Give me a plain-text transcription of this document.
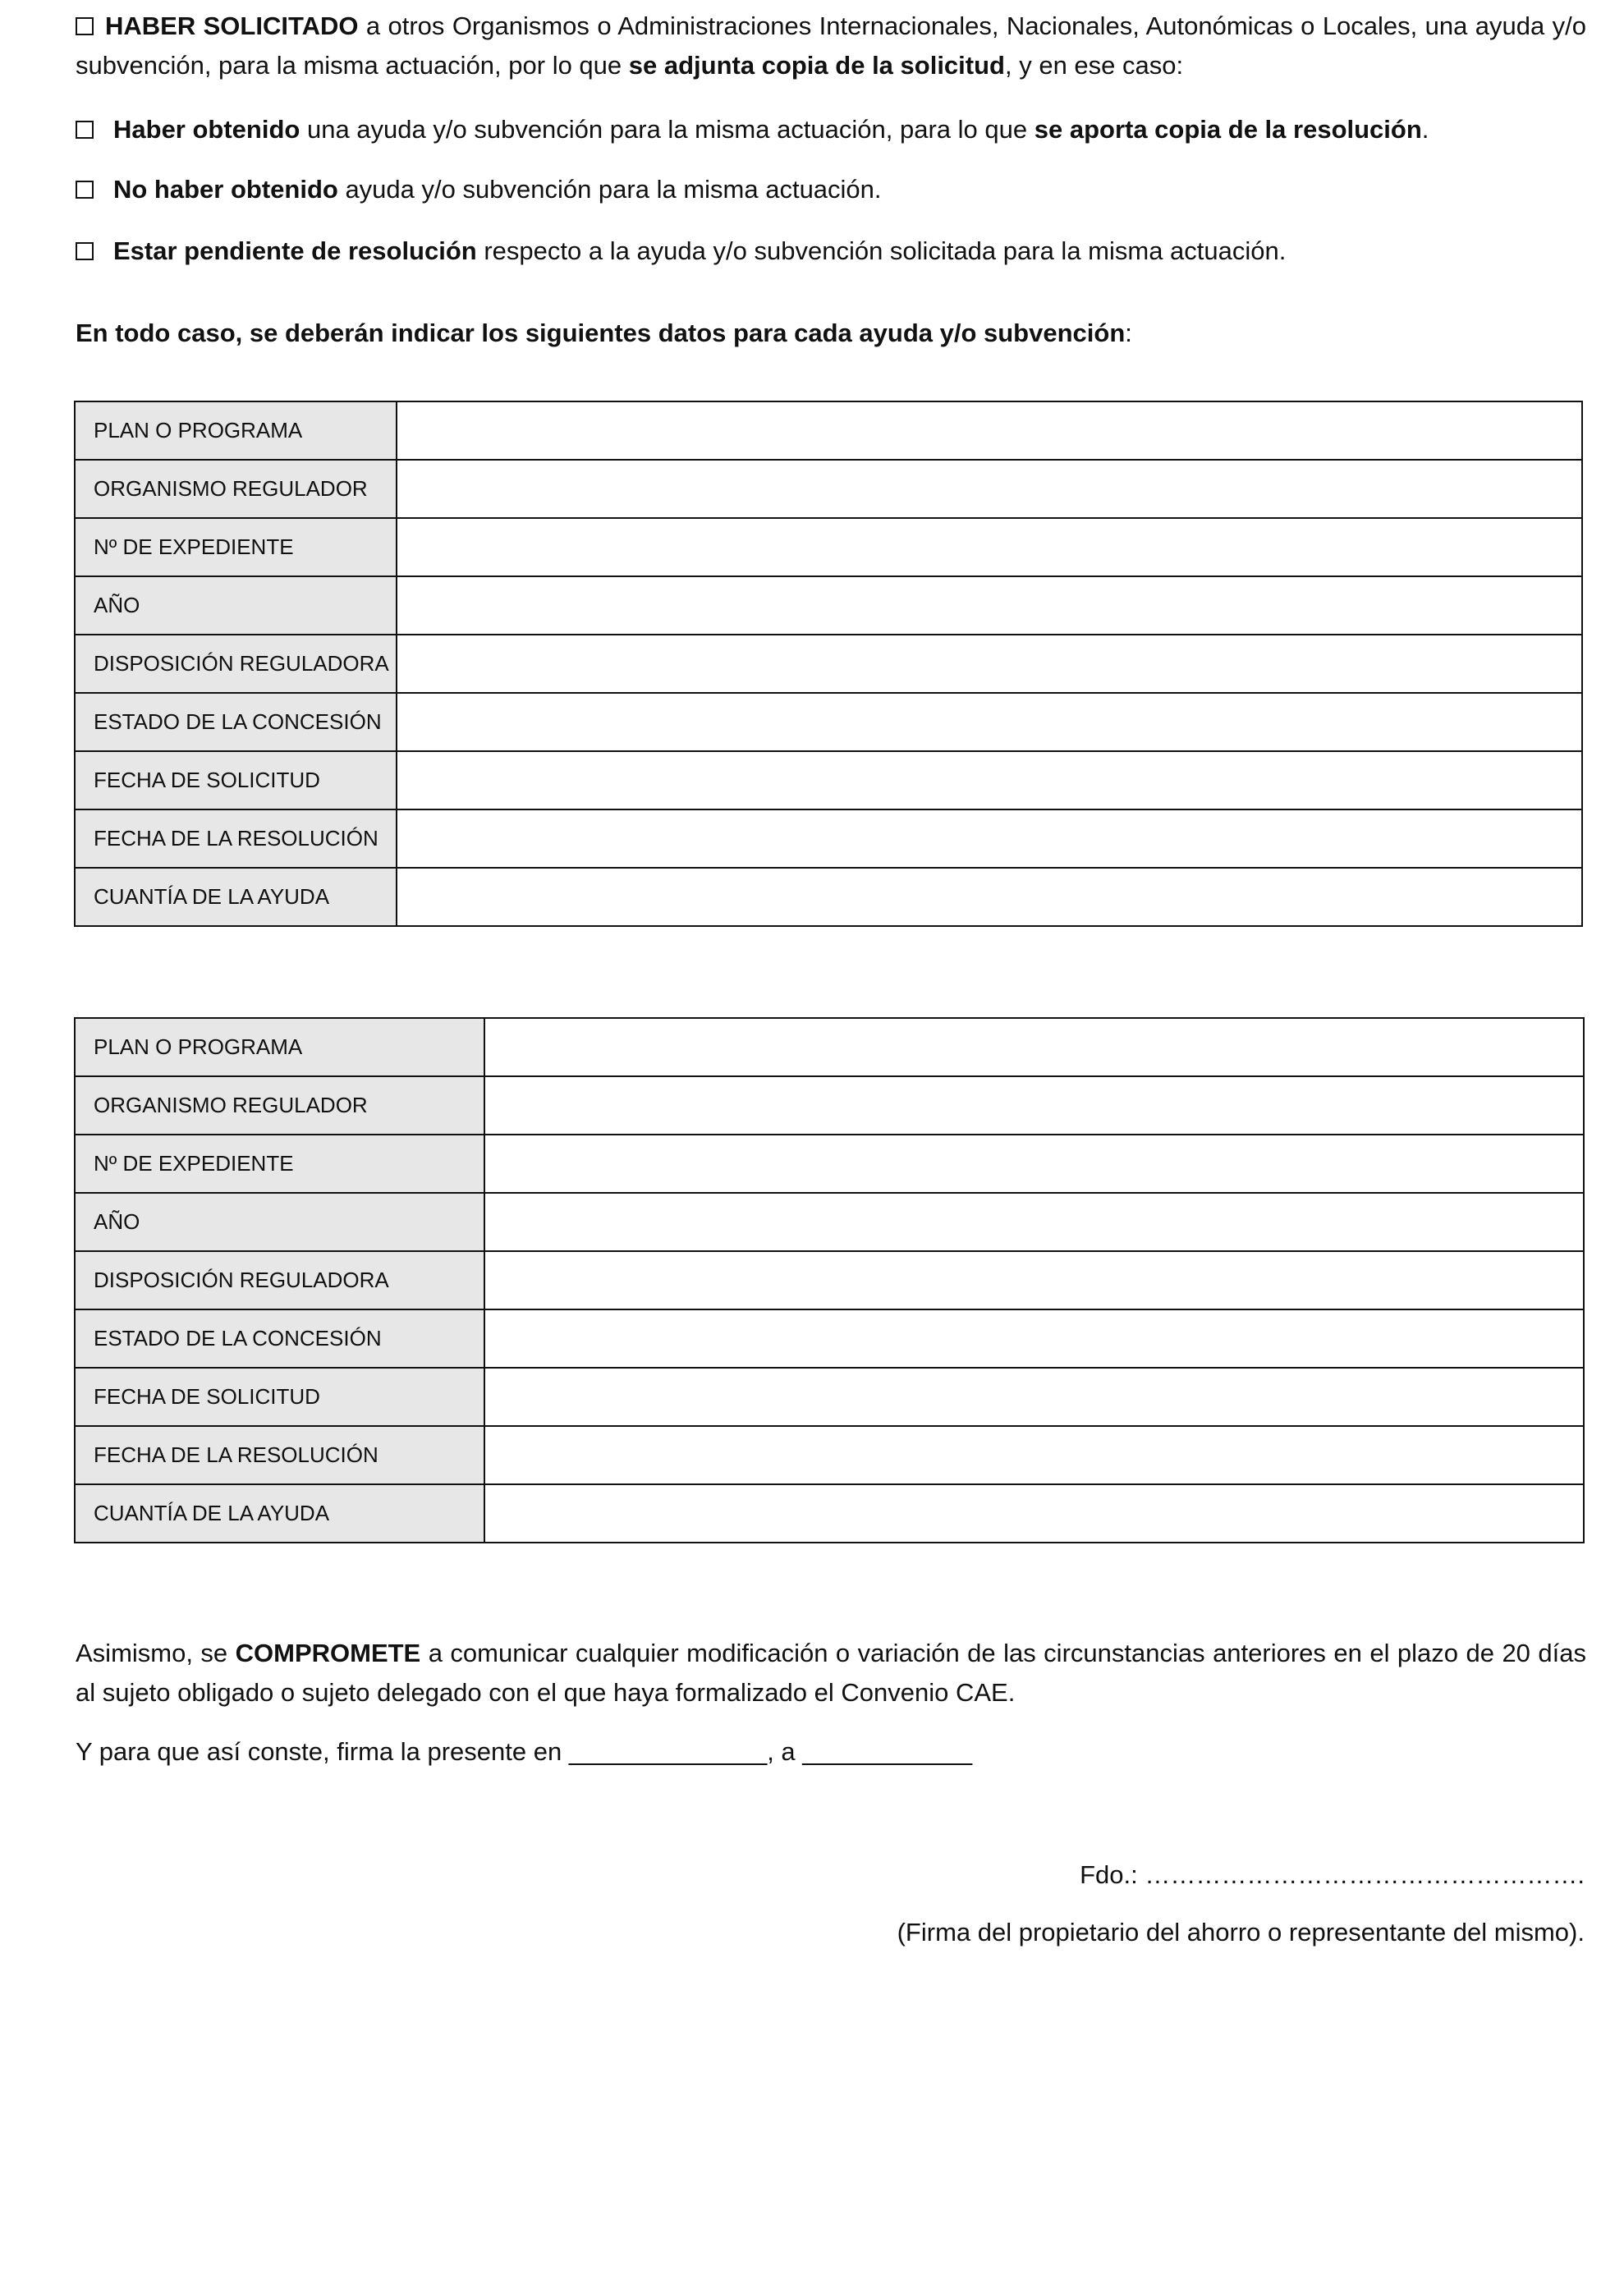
HABER SOLICITADO a otros Organismos o Administraciones Internacionales, Nacionales, Autonómicas o Locales, una ayuda y/o subvención, para la misma actuación, por lo que se adjunta copia de la solicitud, y en ese caso:

Haber obtenido una ayuda y/o subvención para la misma actuación, para lo que se aporta copia de la resolución.
No haber obtenido ayuda y/o subvención para la misma actuación.
Estar pendiente de resolución respecto a la ayuda y/o subvención solicitada para la misma actuación.

En todo caso, se deberán indicar los siguientes datos para cada ayuda y/o subvención:

PLAN O PROGRAMA	
ORGANISMO REGULADOR	
Nº DE EXPEDIENTE	
AÑO	
DISPOSICIÓN REGULADORA	
ESTADO DE LA CONCESIÓN	
FECHA DE SOLICITUD	
FECHA DE LA RESOLUCIÓN	
CUANTÍA DE LA AYUDA	
PLAN O PROGRAMA	
ORGANISMO REGULADOR	
Nº DE EXPEDIENTE	
AÑO	
DISPOSICIÓN REGULADORA	
ESTADO DE LA CONCESIÓN	
FECHA DE SOLICITUD	
FECHA DE LA RESOLUCIÓN	
CUANTÍA DE LA AYUDA	

Asimismo, se COMPROMETE a comunicar cualquier modificación o variación de las circunstancias anteriores en el plazo de 20 días al sujeto obligado o sujeto delegado con el que haya formalizado el Convenio CAE.

Y para que así conste, firma la presente en ______________, a ____________

Fdo.: …………………………………………….

(Firma del propietario del ahorro o representante del mismo).
